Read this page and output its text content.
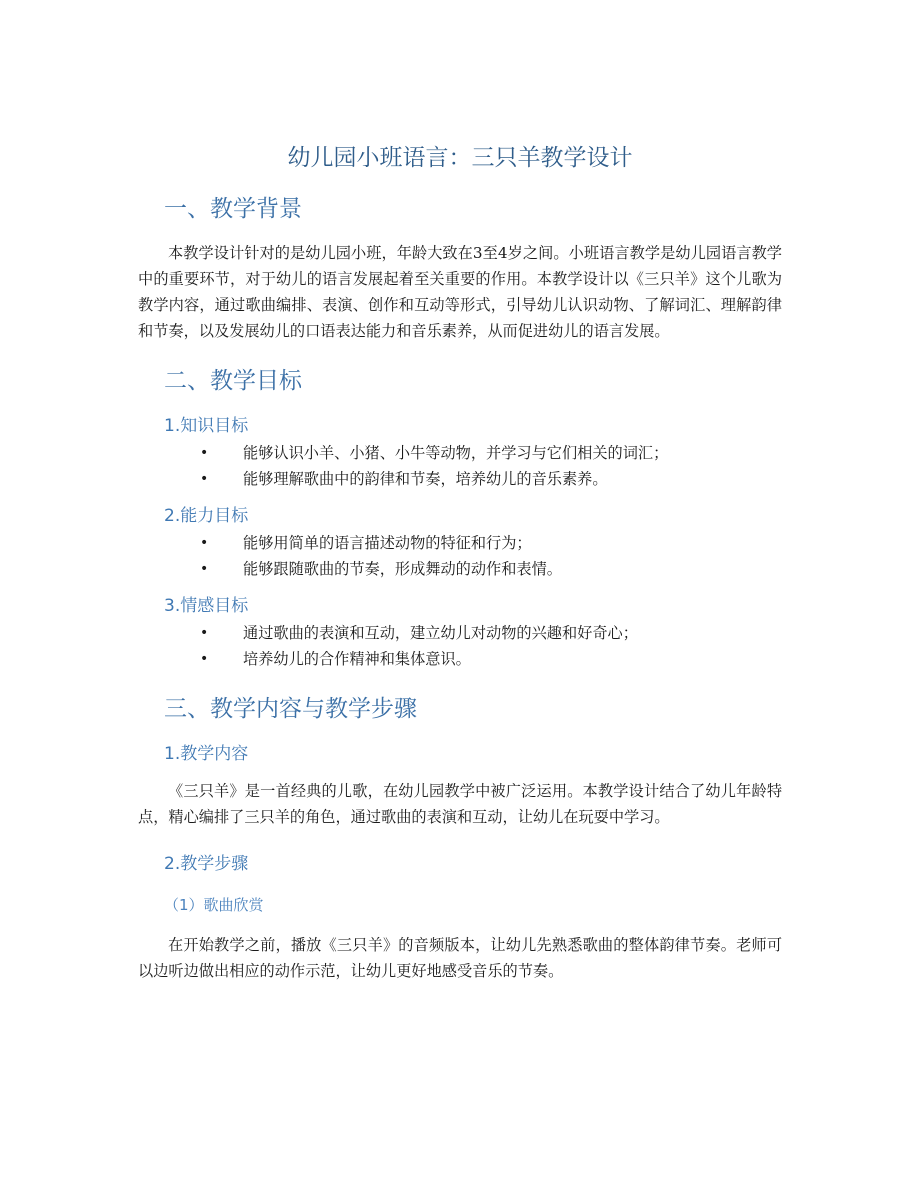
幼儿园小班语言：三只羊教学设计
一、教学背景

本教学设计针对的是幼儿园小班，年龄大致在3至4岁之间。小班语言教学是幼儿园语言教学中的重要环节，对于幼儿的语言发展起着至关重要的作用。本教学设计以《三只羊》这个儿歌为教学内容，通过歌曲编排、表演、创作和互动等形式，引导幼儿认识动物、了解词汇、理解韵律和节奏，以及发展幼儿的口语表达能力和音乐素养，从而促进幼儿的语言发展。

二、教学目标
1.知识目标
• 能够认识小羊、小猪、小牛等动物，并学习与它们相关的词汇；
• 能够理解歌曲中的韵律和节奏，培养幼儿的音乐素养。
2.能力目标
• 能够用简单的语言描述动物的特征和行为；
• 能够跟随歌曲的节奏，形成舞动的动作和表情。
3.情感目标
• 通过歌曲的表演和互动，建立幼儿对动物的兴趣和好奇心；
• 培养幼儿的合作精神和集体意识。
三、教学内容与教学步骤
1.教学内容

《三只羊》是一首经典的儿歌，在幼儿园教学中被广泛运用。本教学设计结合了幼儿年龄特点，精心编排了三只羊的角色，通过歌曲的表演和互动，让幼儿在玩耍中学习。

2.教学步骤
（1）歌曲欣赏

在开始教学之前，播放《三只羊》的音频版本，让幼儿先熟悉歌曲的整体韵律节奏。老师可以边听边做出相应的动作示范，让幼儿更好地感受音乐的节奏。
